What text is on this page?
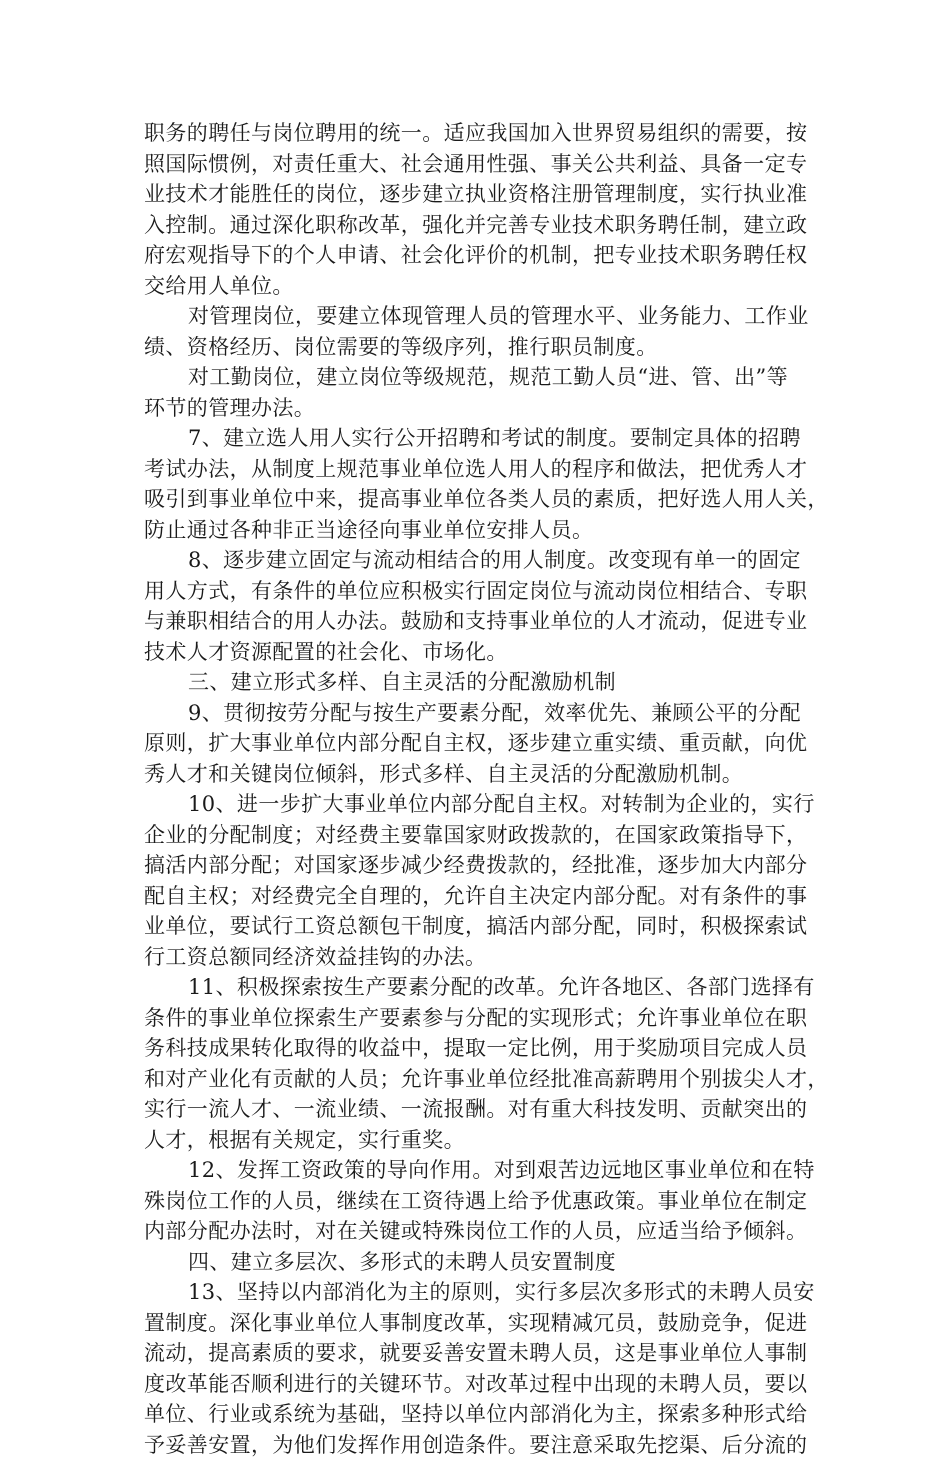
职务的聘任与岗位聘用的统一。适应我国加入世界贸易组织的需要，按
照国际惯例，对责任重大、社会通用性强、事关公共利益、具备一定专
业技术才能胜任的岗位，逐步建立执业资格注册管理制度，实行执业准
入控制。通过深化职称改革，强化并完善专业技术职务聘任制，建立政
府宏观指导下的个人申请、社会化评价的机制，把专业技术职务聘任权
交给用人单位。
对管理岗位，要建立体现管理人员的管理水平、业务能力、工作业
绩、资格经历、岗位需要的等级序列，推行职员制度。
对工勤岗位，建立岗位等级规范，规范工勤人员“进、管、出”等
环节的管理办法。
7、建立选人用人实行公开招聘和考试的制度。要制定具体的招聘
考试办法，从制度上规范事业单位选人用人的程序和做法，把优秀人才
吸引到事业单位中来，提高事业单位各类人员的素质，把好选人用人关，
防止通过各种非正当途径向事业单位安排人员。
8、逐步建立固定与流动相结合的用人制度。改变现有单一的固定
用人方式，有条件的单位应积极实行固定岗位与流动岗位相结合、专职
与兼职相结合的用人办法。鼓励和支持事业单位的人才流动，促进专业
技术人才资源配置的社会化、市场化。
三、建立形式多样、自主灵活的分配激励机制
9、贯彻按劳分配与按生产要素分配，效率优先、兼顾公平的分配
原则，扩大事业单位内部分配自主权，逐步建立重实绩、重贡献，向优
秀人才和关键岗位倾斜，形式多样、自主灵活的分配激励机制。
10、进一步扩大事业单位内部分配自主权。对转制为企业的，实行
企业的分配制度；对经费主要靠国家财政拨款的，在国家政策指导下，
搞活内部分配；对国家逐步减少经费拨款的，经批准，逐步加大内部分
配自主权；对经费完全自理的，允许自主决定内部分配。对有条件的事
业单位，要试行工资总额包干制度，搞活内部分配，同时，积极探索试
行工资总额同经济效益挂钩的办法。
11、积极探索按生产要素分配的改革。允许各地区、各部门选择有
条件的事业单位探索生产要素参与分配的实现形式；允许事业单位在职
务科技成果转化取得的收益中，提取一定比例，用于奖励项目完成人员
和对产业化有贡献的人员；允许事业单位经批准高薪聘用个别拔尖人才，
实行一流人才、一流业绩、一流报酬。对有重大科技发明、贡献突出的
人才，根据有关规定，实行重奖。
12、发挥工资政策的导向作用。对到艰苦边远地区事业单位和在特
殊岗位工作的人员，继续在工资待遇上给予优惠政策。事业单位在制定
内部分配办法时，对在关键或特殊岗位工作的人员，应适当给予倾斜。
四、建立多层次、多形式的未聘人员安置制度
13、坚持以内部消化为主的原则，实行多层次多形式的未聘人员安
置制度。深化事业单位人事制度改革，实现精减冗员，鼓励竞争，促进
流动，提高素质的要求，就要妥善安置未聘人员，这是事业单位人事制
度改革能否顺利进行的关键环节。对改革过程中出现的未聘人员，要以
单位、行业或系统为基础，坚持以单位内部消化为主，探索多种形式给
予妥善安置，为他们发挥作用创造条件。要注意采取先挖渠、后分流的
